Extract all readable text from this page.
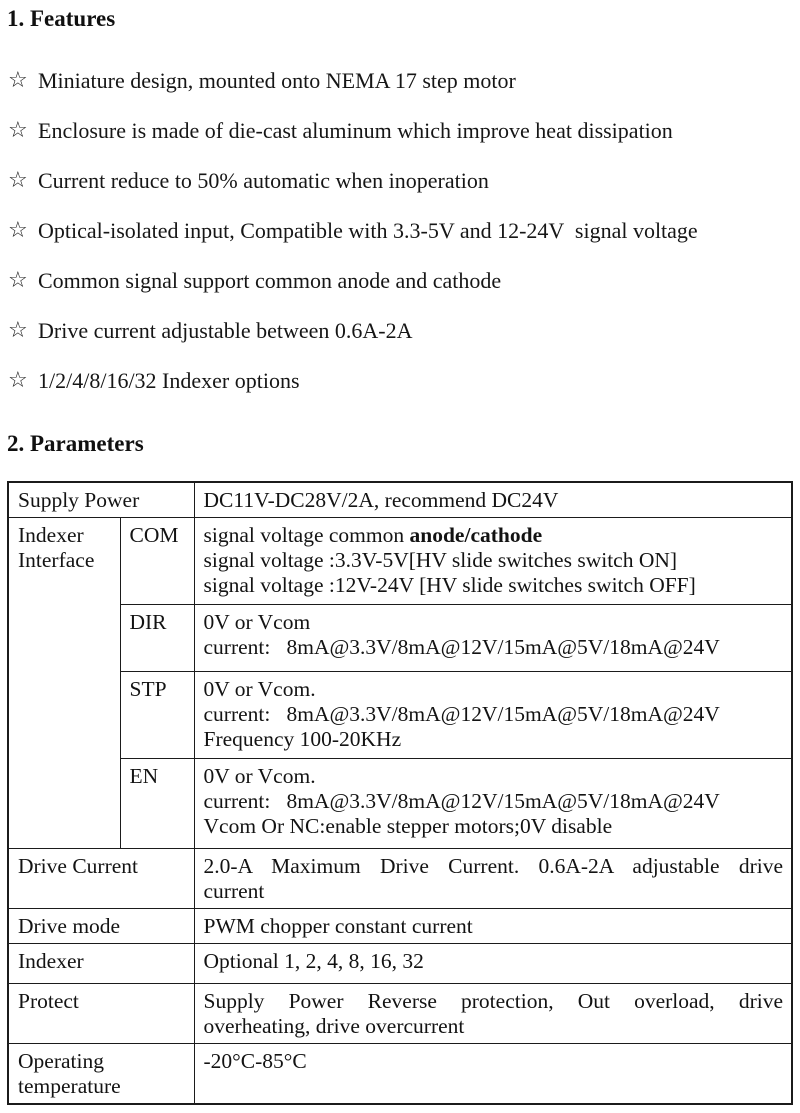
1. Features
☆ Miniature design, mounted onto NEMA 17 step motor
☆ Enclosure is made of die-cast aluminum which improve heat dissipation
☆ Current reduce to 50% automatic when inoperation
☆ Optical-isolated input, Compatible with 3.3-5V and 12-24V  signal voltage
☆ Common signal support common anode and cathode
☆ Drive current adjustable between 0.6A-2A
☆ 1/2/4/8/16/32 Indexer options
2. Parameters
Supply Power		DC11V-DC28V/2A, recommend DC24V
Indexer Interface	COM	signal voltage common anode/cathode
signal voltage :3.3V-5V[HV slide switches switch ON]
signal voltage :12V-24V [HV slide switches switch OFF]

	DIR	0V or Vcom
current:   8mA@3.3V/8mA@12V/15mA@5V/18mA@24V

	STP	0V or Vcom.
current:   8mA@3.3V/8mA@12V/15mA@5V/18mA@24V
Frequency 100-20KHz

	EN	0V or Vcom.
current:   8mA@3.3V/8mA@12V/15mA@5V/18mA@24V
Vcom Or NC:enable stepper motors;0V disable

Drive Current		2.0-A Maximum Drive Current. 0.6A-2A adjustable drive
current

Drive mode		PWM chopper constant current
Indexer		Optional 1, 2, 4, 8, 16, 32
Protect		Supply Power Reverse protection, Out overload, drive
overheating, drive overcurrent

Operating temperature		-20°C-85°C
